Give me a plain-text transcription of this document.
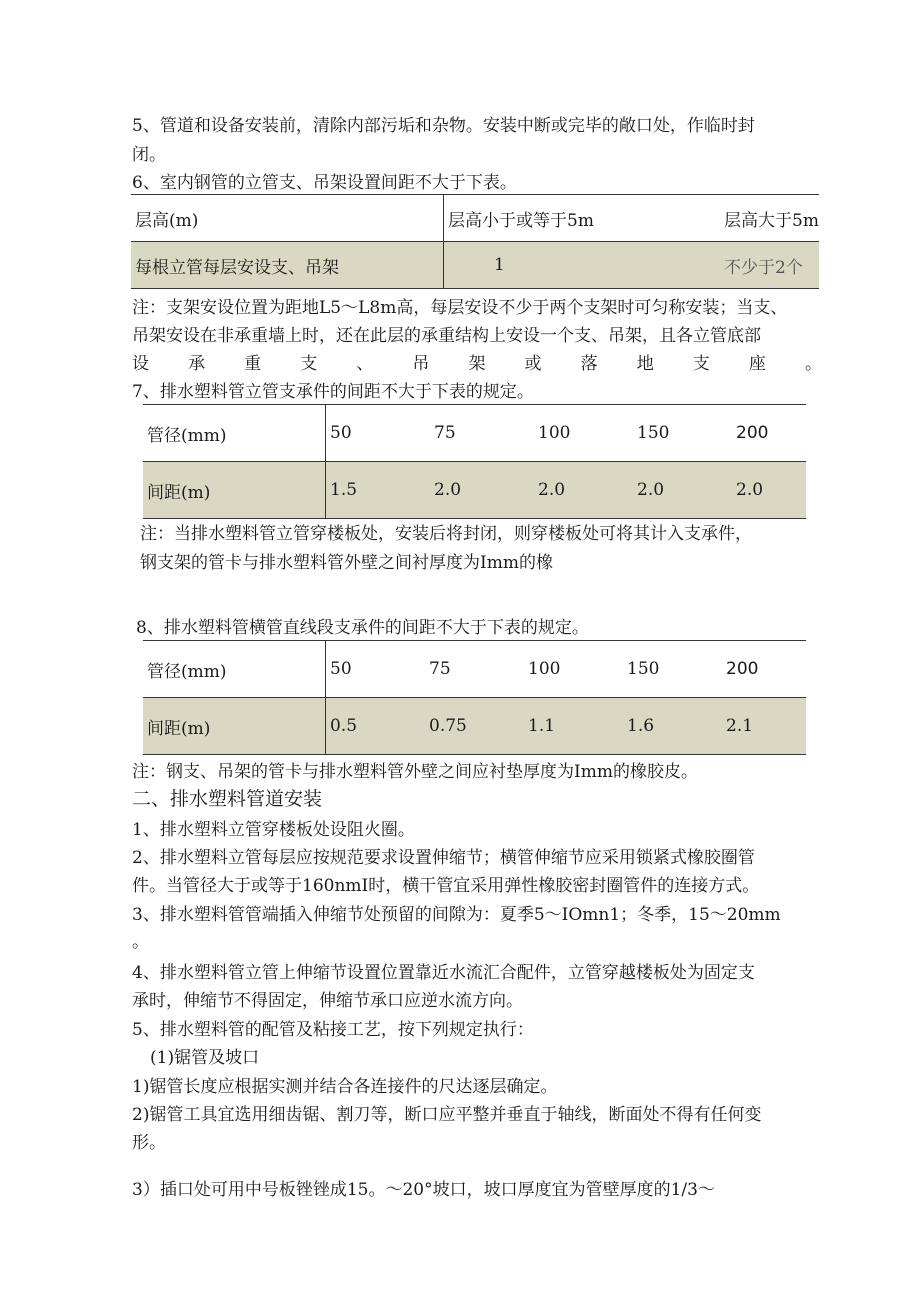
5、管道和设备安装前，清除内部污垢和杂物。安装中断或完毕的敞口处，作临时封
闭。
6、室内钢管的立管支、吊架设置间距不大于下表。
层高(m)	层高小于或等于5m	层高大于5m
每根立管每层安设支、吊架	1	不少于2个
注：支架安设位置为距地L5～L8m高，每层安设不少于两个支架时可匀称安装；当支、
吊架安设在非承重墙上时，还在此层的承重结构上安设一个支、吊架，且各立管底部
设 承 重 支 、 吊 架 或 落 地 支 座 。
7、排水塑料管立管支承件的间距不大于下表的规定。
管径(mm)	50	75	100	150	200
间距(m)	1.5	2.0	2.0	2.0	2.0
注：当排水塑料管立管穿楼板处，安装后将封闭，则穿楼板处可将其计入支承件，
钢支架的管卡与排水塑料管外壁之间衬厚度为Imm的橡
8、排水塑料管横管直线段支承件的间距不大于下表的规定。
管径(mm)	50	75	100	150	200
间距(m)	0.5	0.75	1.1	1.6	2.1
注：钢支、吊架的管卡与排水塑料管外壁之间应衬垫厚度为Imm的橡胶皮。
二、排水塑料管道安装
1、排水塑料立管穿楼板处设阻火圈。
2、排水塑料立管每层应按规范要求设置伸缩节；横管伸缩节应采用锁紧式橡胶圈管
件。当管径大于或等于160nmI时，横干管宜采用弹性橡胶密封圈管件的连接方式。
3、排水塑料管管端插入伸缩节处预留的间隙为：夏季5～IOmn1；冬季，15～20mm
。
4、排水塑料管立管上伸缩节设置位置靠近水流汇合配件，立管穿越楼板处为固定支
承时，伸缩节不得固定，伸缩节承口应逆水流方向。
5、排水塑料管的配管及粘接工艺，按下列规定执行：
(1)锯管及坡口
1)锯管长度应根据实测并结合各连接件的尺达逐层确定。
2)锯管工具宜选用细齿锯、割刀等，断口应平整并垂直于轴线，断面处不得有任何变
形。
3）插口处可用中号板锉锉成15。～20°坡口，坡口厚度宜为管壁厚度的1/3～
